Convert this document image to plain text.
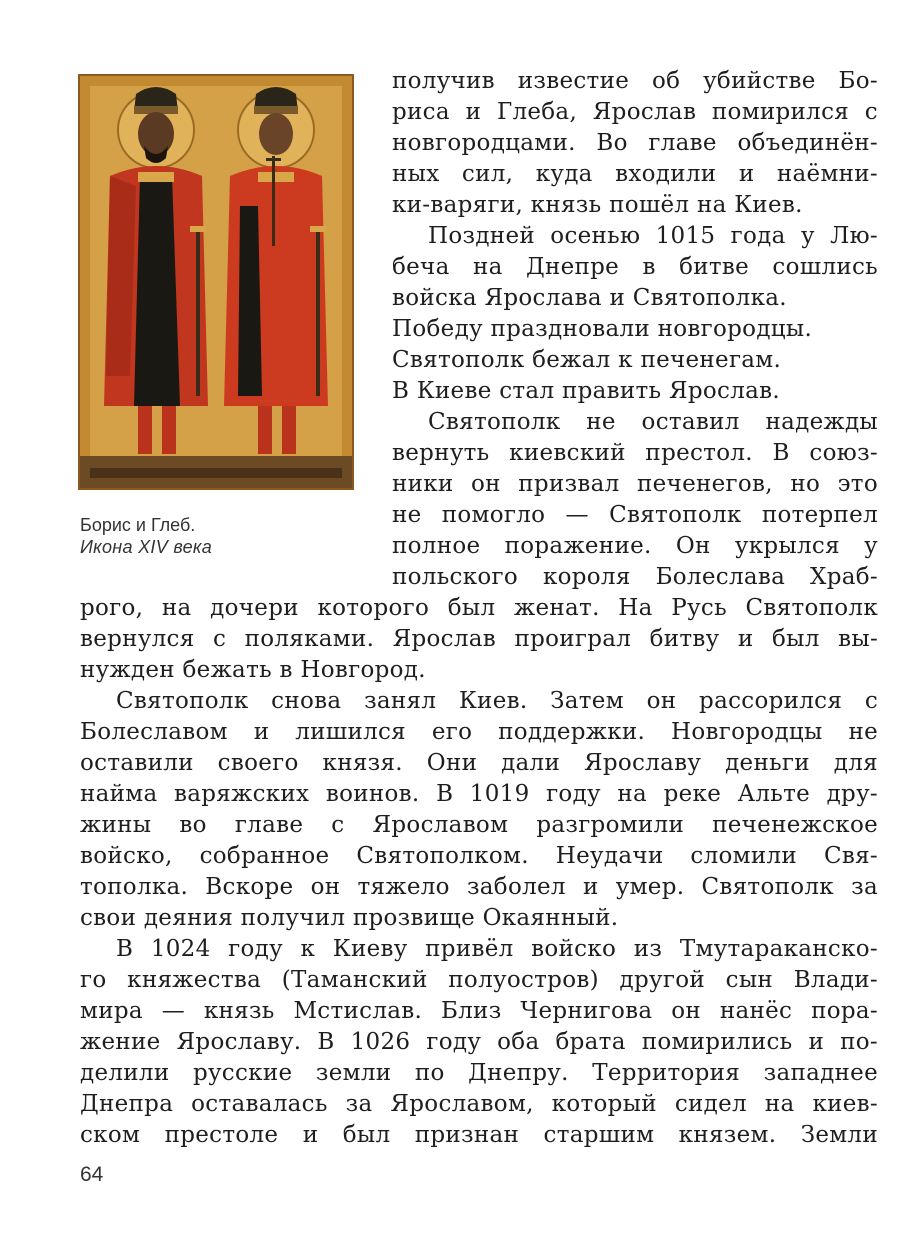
Борис и Глеб.
Икона XIV века
получив известие об убийстве Бо-
риса и Глеба, Ярослав помирился с
новгородцами. Во главе объединён-
ных сил, куда входили и наёмни-
ки-варяги, князь пошёл на Киев.
Поздней осенью 1015 года у Лю-
беча на Днепре в битве сошлись
войска Ярослава и Святополка.
Победу праздновали новгородцы.
Святополк бежал к печенегам.
В Киеве стал править Ярослав.
Святополк не оставил надежды
вернуть киевский престол. В союз-
ники он призвал печенегов, но это
не помогло — Святополк потерпел
полное поражение. Он укрылся у
польского короля Болеслава Храб-
рого, на дочери которого был женат. На Русь Святополк
вернулся с поляками. Ярослав проиграл битву и был вы-
нужден бежать в Новгород.
Святополк снова занял Киев. Затем он рассорился с
Болеславом и лишился его поддержки. Новгородцы не
оставили своего князя. Они дали Ярославу деньги для
найма варяжских воинов. В 1019 году на реке Альте дру-
жины во главе с Ярославом разгромили печенежское
войско, собранное Святополком. Неудачи сломили Свя-
тополка. Вскоре он тяжело заболел и умер. Святополк за
свои деяния получил прозвище Окаянный.
В 1024 году к Киеву привёл войско из Тмутараканско-
го княжества (Таманский полуостров) другой сын Влади-
мира — князь Мстислав. Близ Чернигова он нанёс пора-
жение Ярославу. В 1026 году оба брата помирились и по-
делили русские земли по Днепру. Территория западнее
Днепра оставалась за Ярославом, который сидел на киев-
ском престоле и был признан старшим князем. Земли
64
